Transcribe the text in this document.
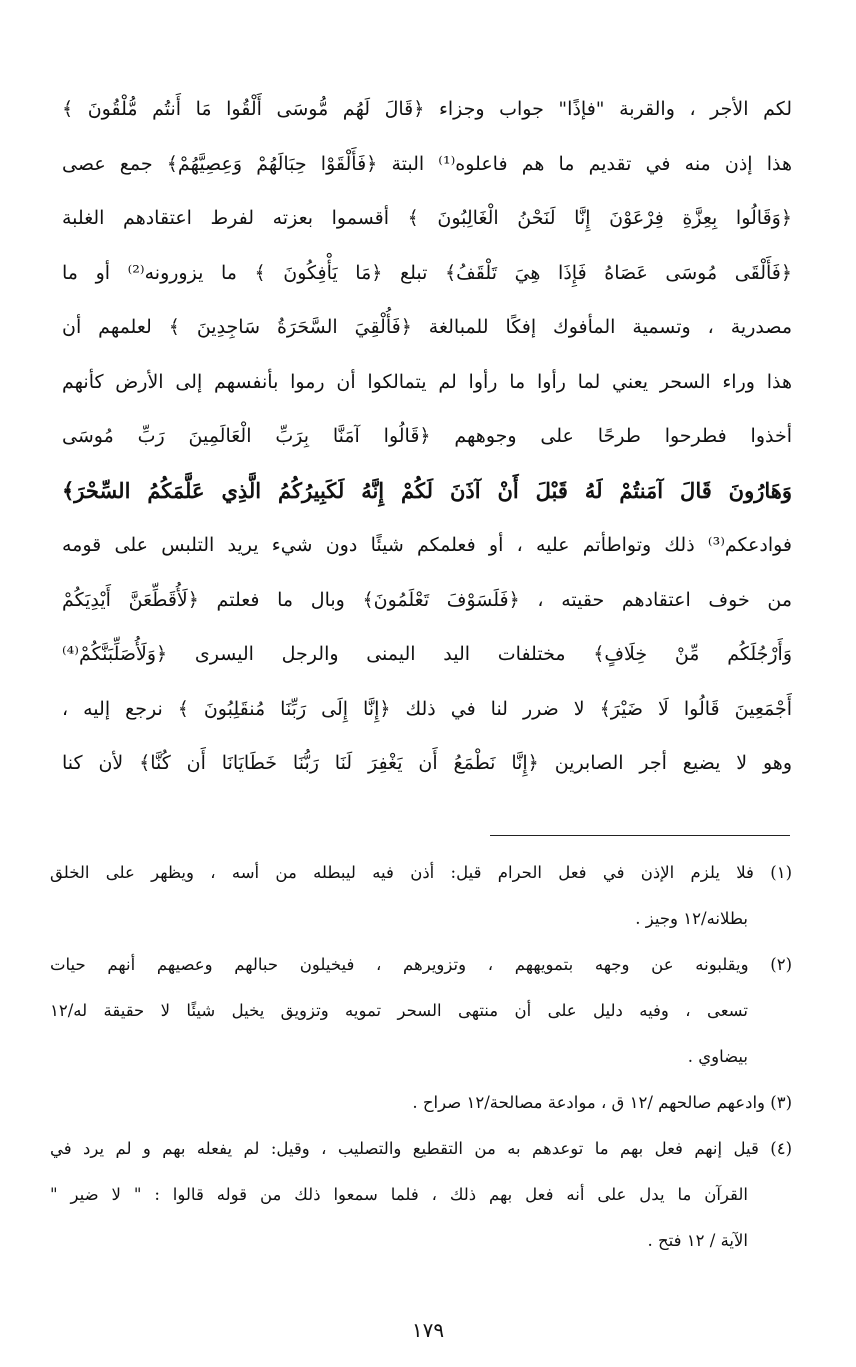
لكم الأجر ، والقربة "فإذًا" جواب وجزاء ﴿قَالَ لَهُم مُّوسَى أَلْقُوا مَا أَنتُم مُّلْقُونَ ﴾
هذا إذن منه في تقديم ما هم فاعلوه⁽¹⁾ البتة ﴿فَأَلْقَوْا حِبَالَهُمْ وَعِصِيَّهُمْ﴾ جمع عصى
﴿وَقَالُوا بِعِزَّةِ فِرْعَوْنَ إِنَّا لَنَحْنُ الْغَالِبُونَ ﴾ أقسموا بعزته لفرط اعتقادهم الغلبة
﴿فَأَلْقَى مُوسَى عَصَاهُ فَإِذَا هِيَ تَلْقَفُ﴾ تبلع ﴿مَا يَأْفِكُونَ ﴾ ما يزورونه⁽²⁾ أو ما
مصدرية ، وتسمية المأفوك إفكًا للمبالغة ﴿فَأُلْقِيَ السَّحَرَةُ سَاجِدِينَ ﴾ لعلمهم أن
هذا وراء السحر يعني لما رأوا ما رأوا لم يتمالكوا أن رموا بأنفسهم إلى الأرض كأنهم
أخذوا فطرحوا طرحًا على وجوههم ﴿قَالُوا آمَنَّا بِرَبِّ الْعَالَمِينَ رَبِّ مُوسَى
وَهَارُونَ قَالَ آمَنتُمْ لَهُ قَبْلَ أَنْ آذَنَ لَكُمْ إِنَّهُ لَكَبِيرُكُمُ الَّذِي عَلَّمَكُمُ السِّحْرَ﴾
فوادعكم⁽³⁾ ذلك وتواطأتم عليه ، أو فعلمكم شيئًا دون شيء يريد التلبس على قومه
من خوف اعتقادهم حقيته ، ﴿فَلَسَوْفَ تَعْلَمُونَ﴾ وبال ما فعلتم ﴿لَأُقَطِّعَنَّ أَيْدِيَكُمْ
وَأَرْجُلَكُم مِّنْ خِلَافٍ﴾ مختلفات اليد اليمنى والرجل اليسرى ﴿وَلَأُصَلِّبَنَّكُمْ⁽⁴⁾
أَجْمَعِينَ قَالُوا لَا ضَيْرَ﴾ لا ضرر لنا في ذلك ﴿إِنَّا إِلَى رَبِّنَا مُنقَلِبُونَ ﴾ نرجع إليه ،
وهو لا يضيع أجر الصابرين ﴿إِنَّا نَطْمَعُ أَن يَغْفِرَ لَنَا رَبُّنَا خَطَايَانَا أَن كُنَّا﴾ لأن كنا
(١) فلا يلزم الإذن في فعل الحرام قيل: أذن فيه ليبطله من أسه ، ويظهر على الخلق
بطلانه/١٢ وجيز .
(٢) ويقلبونه عن وجهه بتمويههم ، وتزويرهم ، فيخيلون حبالهم وعصيهم أنهم حيات
تسعى ، وفيه دليل على أن منتهى السحر تمويه وتزويق يخيل شيئًا لا حقيقة له/١٢
بيضاوي .
(٣) وادعهم صالحهم /١٢ ق ، موادعة مصالحة/١٢ صراح .
(٤) قيل إنهم فعل بهم ما توعدهم به من التقطيع والتصليب ، وقيل: لم يفعله بهم و لم يرد في
القرآن ما يدل على أنه فعل بهم ذلك ، فلما سمعوا ذلك من قوله قالوا : " لا ضير "
الآية / ١٢ فتح .
١٧٩
